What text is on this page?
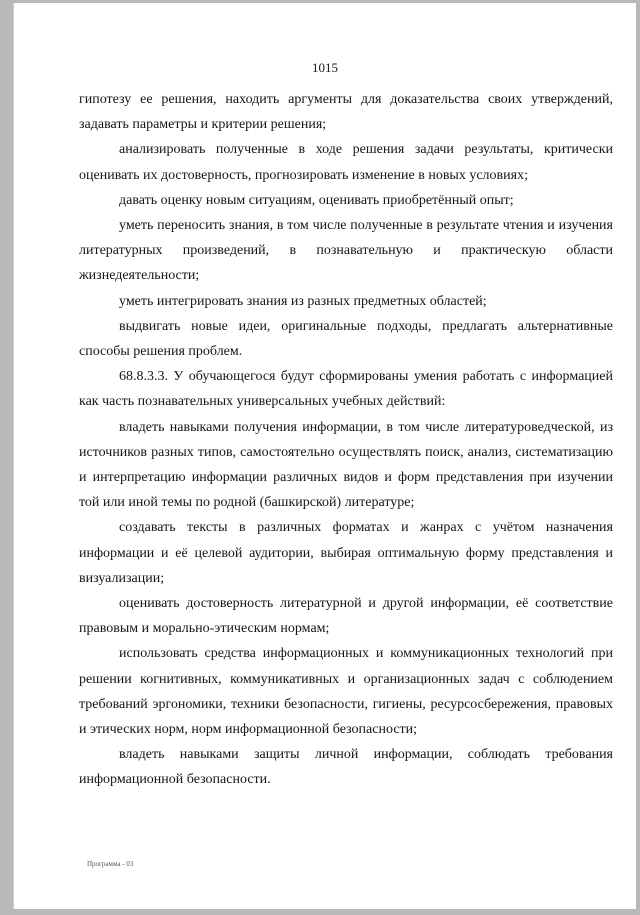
1015

гипотезу ее решения, находить аргументы для доказательства своих утверждений, задавать параметры и критерии решения;

анализировать полученные в ходе решения задачи результаты, критически оценивать их достоверность, прогнозировать изменение в новых условиях;

давать оценку новым ситуациям, оценивать приобретённый опыт;

уметь переносить знания, в том числе полученные в результате чтения и изучения литературных произведений, в познавательную и практическую области жизнедеятельности;

уметь интегрировать знания из разных предметных областей;

выдвигать новые идеи, оригинальные подходы, предлагать альтернативные способы решения проблем.

68.8.3.3. У обучающегося будут сформированы умения работать с информацией как часть познавательных универсальных учебных действий:

владеть навыками получения информации, в том числе литературоведческой, из источников разных типов, самостоятельно осуществлять поиск, анализ, систематизацию и интерпретацию информации различных видов и форм представления при изучении той или иной темы по родной (башкирской) литературе;

создавать тексты в различных форматах и жанрах с учётом назначения информации и её целевой аудитории, выбирая оптимальную форму представления и визуализации;

оценивать достоверность литературной и другой информации, её соответствие правовым и морально-этическим нормам;

использовать средства информационных и коммуникационных технологий при решении когнитивных, коммуникативных и организационных задач с соблюдением требований эргономики, техники безопасности, гигиены, ресурсосбережения, правовых и этических норм, норм информационной безопасности;

владеть навыками защиты личной информации, соблюдать требования информационной безопасности.

Программа - 03
